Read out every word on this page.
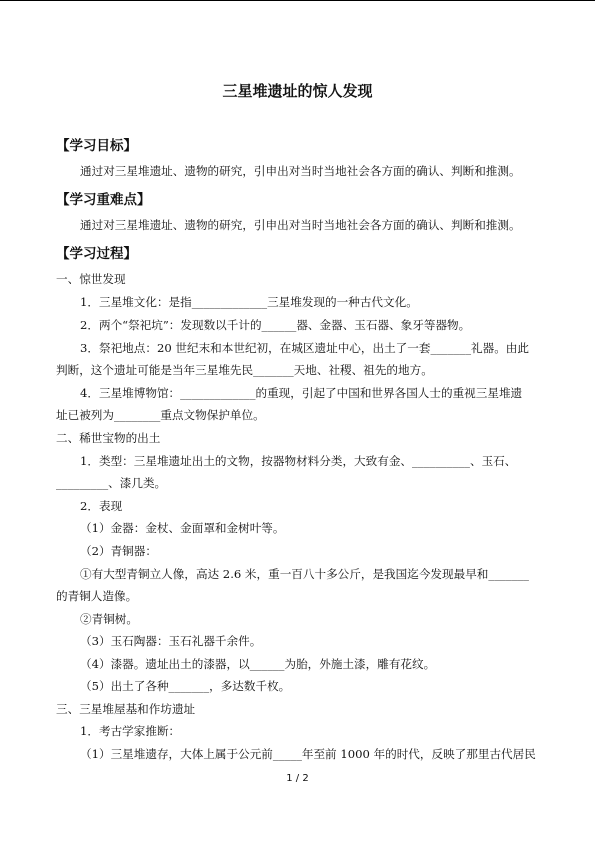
三星堆遗址的惊人发现
【学习目标】
通过对三星堆遗址、遗物的研究，引申出对当时当地社会各方面的确认、判断和推测。
【学习重难点】
通过对三星堆遗址、遗物的研究，引申出对当时当地社会各方面的确认、判断和推测。
【学习过程】
一、惊世发现
1．三星堆文化：是指_____________三星堆发现的一种古代文化。
2．两个“祭祀坑”：发现数以千计的______器、金器、玉石器、象牙等器物。
3．祭祀地点：20 世纪末和本世纪初，在城区遗址中心，出土了一套_______礼器。由此
判断，这个遗址可能是当年三星堆先民_______天地、社稷、祖先的地方。
4．三星堆博物馆：_____________的重现，引起了中国和世界各国人士的重视三星堆遗
址已被列为________重点文物保护单位。
二、稀世宝物的出土
1．类型：三星堆遗址出土的文物，按器物材料分类，大致有金、__________、玉石、
_________、漆几类。
2．表现
（1）金器：金杖、金面罩和金树叶等。
（2）青铜器：
①有大型青铜立人像，高达 2.6 米，重一百八十多公斤，是我国迄今发现最早和_______
的青铜人造像。
②青铜树。
（3）玉石陶器：玉石礼器千余件。
（4）漆器。遗址出土的漆器，以______为胎，外施土漆，雕有花纹。
（5）出土了各种_______，多达数千枚。
三、三星堆屋基和作坊遗址
1．考古学家推断：
（1）三星堆遗存，大体上属于公元前_____年至前 1000 年的时代，反映了那里古代居民
1 / 2
